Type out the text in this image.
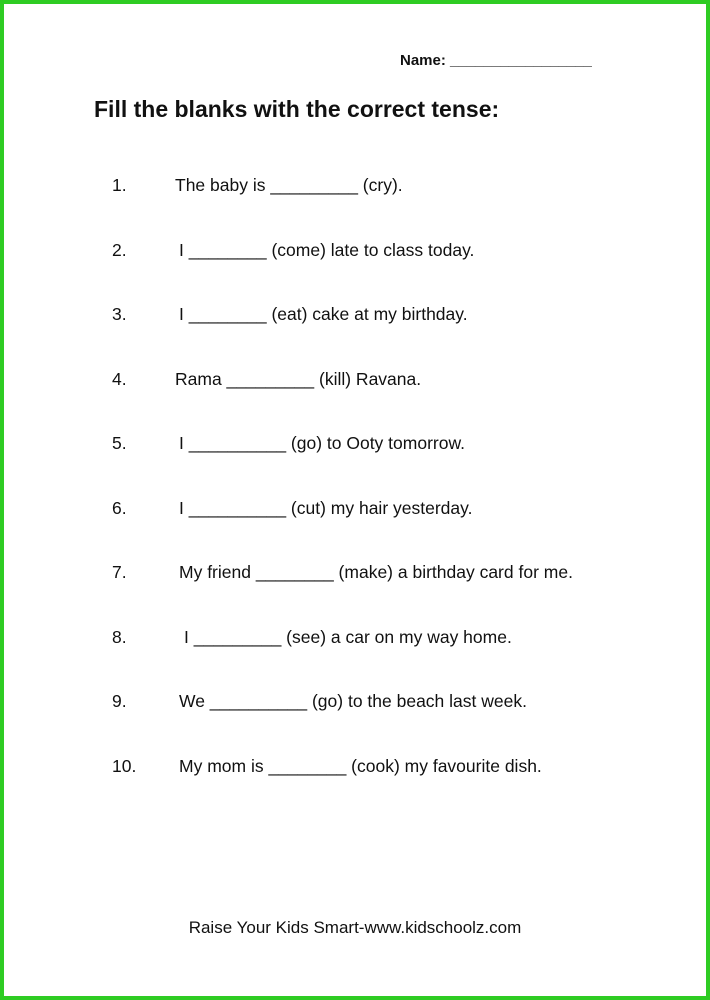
Name: _________________
Fill the blanks with the correct tense:
1.	The baby is _________ (cry).
2.	I ________ (come) late to class today.
3.	I ________ (eat) cake at my birthday.
4.	Rama _________ (kill) Ravana.
5.	I __________ (go) to Ooty tomorrow.
6.	I __________ (cut) my hair yesterday.
7.	My friend ________ (make) a birthday card for me.
8.	I _________ (see) a car on my way home.
9.	We __________ (go) to the beach last week.
10. My mom is ________ (cook) my favourite dish.
Raise Your Kids Smart-www.kidschoolz.com
